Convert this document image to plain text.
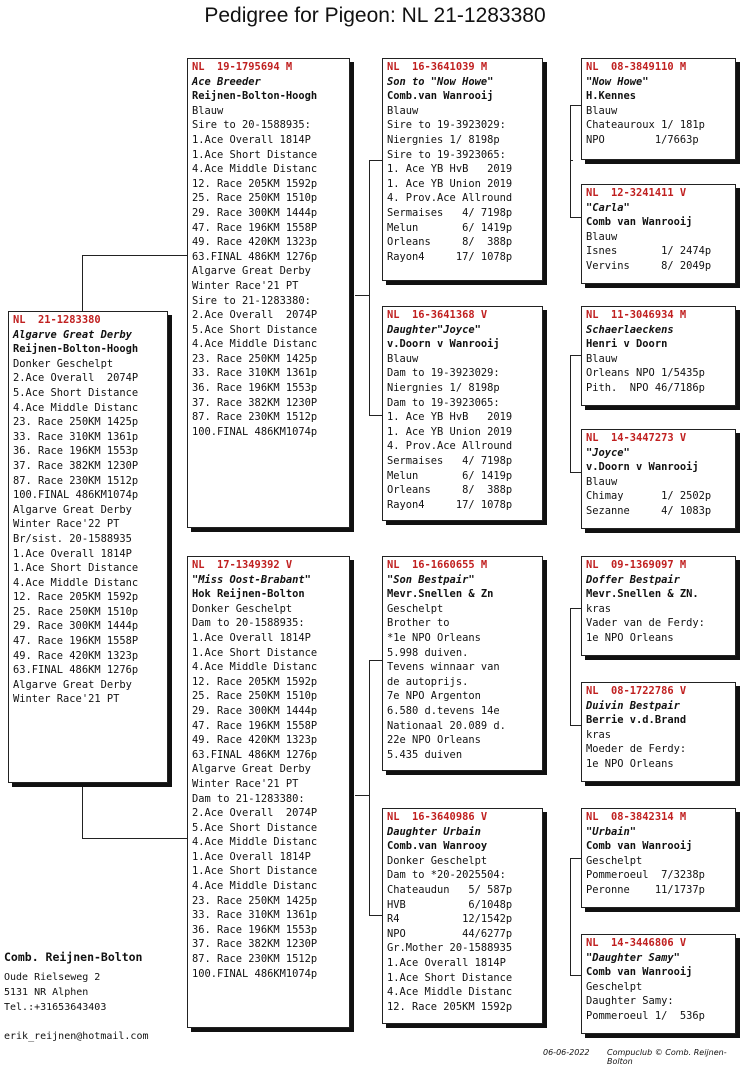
Pedigree for Pigeon: NL 21-1283380
NL  21-1283380
Algarve Great Derby
Reijnen-Bolton-Hoogh
Donker Geschelpt
2.Ace Overall  2074P
5.Ace Short Distance
4.Ace Middle Distanc
23. Race 250KM 1425p
33. Race 310KM 1361p
36. Race 196KM 1553p
37. Race 382KM 1230P
87. Race 230KM 1512p
100.FINAL 486KM1074p
Algarve Great Derby
Winter Race'22 PT
Br/sist. 20-1588935
1.Ace Overall 1814P
1.Ace Short Distance
4.Ace Middle Distanc
12. Race 205KM 1592p
25. Race 250KM 1510p
29. Race 300KM 1444p
47. Race 196KM 1558P
49. Race 420KM 1323p
63.FINAL 486KM 1276p
Algarve Great Derby
Winter Race'21 PT
NL  19-1795694 M
Ace Breeder
Reijnen-Bolton-Hoogh
Blauw
Sire to 20-1588935:
1.Ace Overall 1814P
1.Ace Short Distance
4.Ace Middle Distanc
12. Race 205KM 1592p
25. Race 250KM 1510p
29. Race 300KM 1444p
47. Race 196KM 1558P
49. Race 420KM 1323p
63.FINAL 486KM 1276p
Algarve Great Derby
Winter Race'21 PT
Sire to 21-1283380:
2.Ace Overall  2074P
5.Ace Short Distance
4.Ace Middle Distanc
23. Race 250KM 1425p
33. Race 310KM 1361p
36. Race 196KM 1553p
37. Race 382KM 1230P
87. Race 230KM 1512p
100.FINAL 486KM1074p
NL  17-1349392 V
"Miss Oost-Brabant"
Hok Reijnen-Bolton
Donker Geschelpt
Dam to 20-1588935:
1.Ace Overall 1814P
1.Ace Short Distance
4.Ace Middle Distanc
12. Race 205KM 1592p
25. Race 250KM 1510p
29. Race 300KM 1444p
47. Race 196KM 1558P
49. Race 420KM 1323p
63.FINAL 486KM 1276p
Algarve Great Derby
Winter Race'21 PT
Dam to 21-1283380:
2.Ace Overall  2074P
5.Ace Short Distance
4.Ace Middle Distanc
1.Ace Overall 1814P
1.Ace Short Distance
4.Ace Middle Distanc
23. Race 250KM 1425p
33. Race 310KM 1361p
36. Race 196KM 1553p
37. Race 382KM 1230P
87. Race 230KM 1512p
100.FINAL 486KM1074p
NL  16-3641039 M
Son to "Now Howe"
Comb.van Wanrooij
Blauw
Sire to 19-3923029:
Niergnies 1/ 8198p
Sire to 19-3923065:
1. Ace YB HvB   2019
1. Ace YB Union 2019
4. Prov.Ace Allround
Sermaises   4/ 7198p
Melun       6/ 1419p
Orleans     8/  388p
Rayon4     17/ 1078p
NL  16-3641368 V
Daughter"Joyce"
v.Doorn v Wanrooij
Blauw
Dam to 19-3923029:
Niergnies 1/ 8198p
Dam to 19-3923065:
1. Ace YB HvB   2019
1. Ace YB Union 2019
4. Prov.Ace Allround
Sermaises   4/ 7198p
Melun       6/ 1419p
Orleans     8/  388p
Rayon4     17/ 1078p
NL  16-1660655 M
"Son Bestpair"
Mevr.Snellen & Zn
Geschelpt
Brother to
*1e NPO Orleans
5.998 duiven.
Tevens winnaar van
de autoprijs.
7e NPO Argenton
6.580 d.tevens 14e
Nationaal 20.089 d.
22e NPO Orleans
5.435 duiven
NL  16-3640986 V
Daughter Urbain
Comb.van Wanrooy
Donker Geschelpt
Dam to *20-2025504:
Chateaudun   5/ 587p
HVB          6/1048p
R4          12/1542p
NPO         44/6277p
Gr.Mother 20-1588935
1.Ace Overall 1814P
1.Ace Short Distance
4.Ace Middle Distanc
12. Race 205KM 1592p
NL  08-3849110 M
"Now Howe"
H.Kennes
Blauw
Chateauroux 1/ 181p
NPO        1/7663p
NL  12-3241411 V
"Carla"
Comb van Wanrooij
Blauw
Isnes       1/ 2474p
Vervins     8/ 2049p
NL  11-3046934 M
Schaerlaeckens
Henri v Doorn
Blauw
Orleans NPO 1/5435p
Pith.  NPO 46/7186p
NL  14-3447273 V
"Joyce"
v.Doorn v Wanrooij
Blauw
Chimay      1/ 2502p
Sezanne     4/ 1083p
NL  09-1369097 M
Doffer Bestpair
Mevr.Snellen & ZN.
kras
Vader van de Ferdy:
1e NPO Orleans
NL  08-1722786 V
Duivin Bestpair
Berrie v.d.Brand
kras
Moeder de Ferdy:
1e NPO Orleans
NL  08-3842314 M
"Urbain"
Comb van Wanrooij
Geschelpt
Pommeroeul  7/3238p
Peronne    11/1737p
NL  14-3446806 V
"Daughter Samy"
Comb van Wanrooij
Geschelpt
Daughter Samy:
Pommeroeul 1/  536p
Comb. Reijnen-Bolton
Oude Rielseweg 2
5131 NR Alphen
Tel.:+31653643403
erik_reijnen@hotmail.com
06-06-2022 Compuclub © Comb. Reijnen-Bolton
